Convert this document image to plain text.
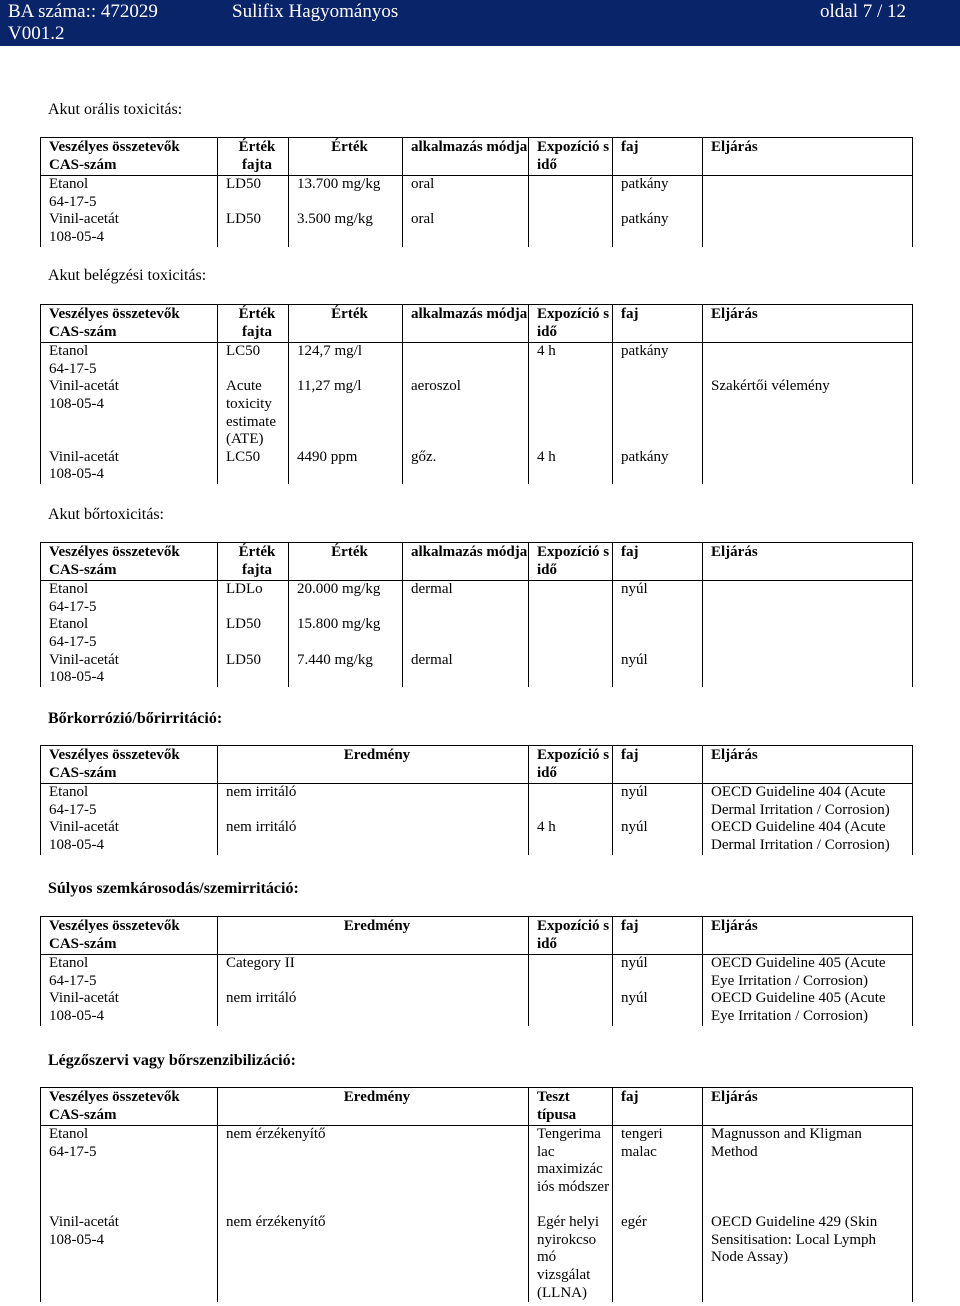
BA száma:: 472029
V001.2
Sulifix Hagyományos	oldal 7 / 12
Akut orális toxicitás:
Veszélyes összetevők
CAS-szám	Érték fajta	Érték	alkalmazás módja	Expozíció s idő	faj	Eljárás
Etanol
64-17-5	LD50	13.700 mg/kg	oral		patkány	
Vinil-acetát
108-05-4	LD50	3.500 mg/kg	oral		patkány	
Akut belégzési toxicitás:
Veszélyes összetevők
CAS-szám	Érték fajta	Érték	alkalmazás módja	Expozíció s idő	faj	Eljárás
Etanol
64-17-5	LC50	124,7 mg/l		4 h	patkány	
Vinil-acetát
108-05-4	Acute toxicity estimate (ATE)	11,27 mg/l	aeroszol			Szakértői vélemény
Vinil-acetát
108-05-4	LC50	4490 ppm	gőz.	4 h	patkány	
Akut bőrtoxicitás:
Veszélyes összetevők
CAS-szám	Érték fajta	Érték	alkalmazás módja	Expozíció s idő	faj	Eljárás
Etanol
64-17-5	LDLo	20.000 mg/kg	dermal		nyúl	
Etanol
64-17-5	LD50	15.800 mg/kg				
Vinil-acetát
108-05-4	LD50	7.440 mg/kg	dermal		nyúl	
Bőrkorrózió/bőrirritáció:
Veszélyes összetevők
CAS-szám	Eredmény	Expozíció s idő	faj	Eljárás
Etanol
64-17-5	nem irritáló		nyúl	OECD Guideline 404 (Acute Dermal Irritation / Corrosion)
Vinil-acetát
108-05-4	nem irritáló	4 h	nyúl	OECD Guideline 404 (Acute Dermal Irritation / Corrosion)
Súlyos szemkárosodás/szemirritáció:
Veszélyes összetevők
CAS-szám	Eredmény	Expozíció s idő	faj	Eljárás
Etanol
64-17-5	Category II		nyúl	OECD Guideline 405 (Acute Eye Irritation / Corrosion)
Vinil-acetát
108-05-4	nem irritáló		nyúl	OECD Guideline 405 (Acute Eye Irritation / Corrosion)
Légzőszervi vagy bőrszenzibilizáció:
Veszélyes összetevők
CAS-szám	Eredmény	Teszt típusa	faj	Eljárás
Etanol
64-17-5	nem érzékenyítő	Tengerima lac maximizác iós módszer	tengeri malac	Magnusson and Kligman Method
Vinil-acetát
108-05-4	nem érzékenyítő	Egér helyi nyirokcso mó vizsgálat (LLNA)	egér	OECD Guideline 429 (Skin Sensitisation: Local Lymph Node Assay)
